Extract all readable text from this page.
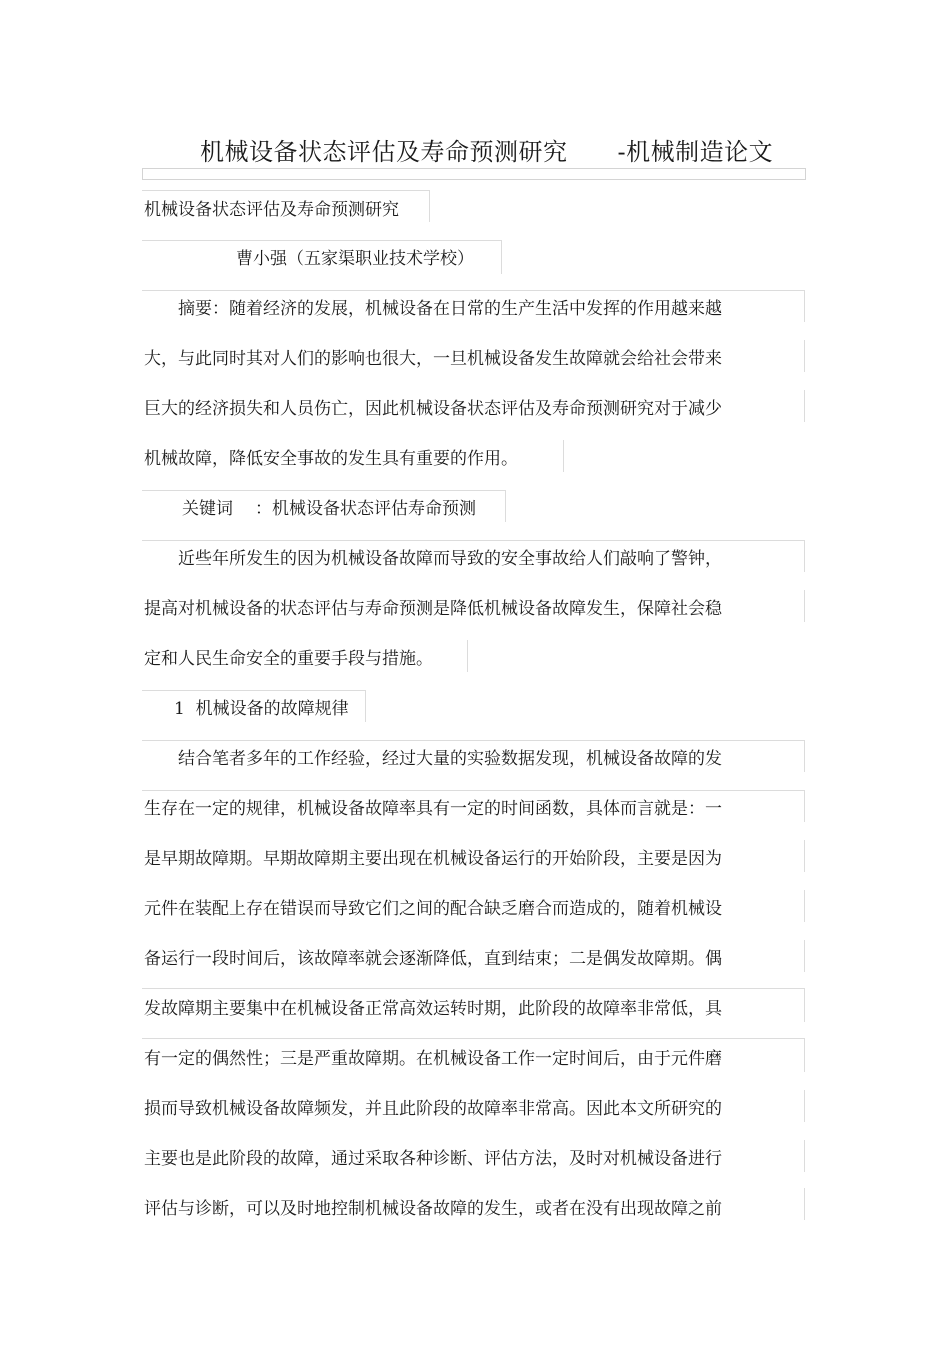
机械设备状态评估及寿命预测研究 -机械制造论文
机械设备状态评估及寿命预测研究
曹小强（五家渠职业技术学校）
摘要：随着经济的发展，机械设备在日常的生产生活中发挥的作用越来越
大，与此同时其对人们的影响也很大，一旦机械设备发生故障就会给社会带来
巨大的经济损失和人员伤亡，因此机械设备状态评估及寿命预测研究对于减少
机械故障，降低安全事故的发生具有重要的作用。
关键词 ：机械设备状态评估寿命预测
近些年所发生的因为机械设备故障而导致的安全事故给人们敲响了警钟，
提高对机械设备的状态评估与寿命预测是降低机械设备故障发生，保障社会稳
定和人民生命安全的重要手段与措施。
1  机械设备的故障规律
结合笔者多年的工作经验，经过大量的实验数据发现，机械设备故障的发
生存在一定的规律，机械设备故障率具有一定的时间函数，具体而言就是：一
是早期故障期。早期故障期主要出现在机械设备运行的开始阶段，主要是因为
元件在装配上存在错误而导致它们之间的配合缺乏磨合而造成的，随着机械设
备运行一段时间后，该故障率就会逐渐降低，直到结束；二是偶发故障期。偶
发故障期主要集中在机械设备正常高效运转时期，此阶段的故障率非常低，具
有一定的偶然性；三是严重故障期。在机械设备工作一定时间后，由于元件磨
损而导致机械设备故障频发，并且此阶段的故障率非常高。因此本文所研究的
主要也是此阶段的故障，通过采取各种诊断、评估方法，及时对机械设备进行
评估与诊断，可以及时地控制机械设备故障的发生，或者在没有出现故障之前
